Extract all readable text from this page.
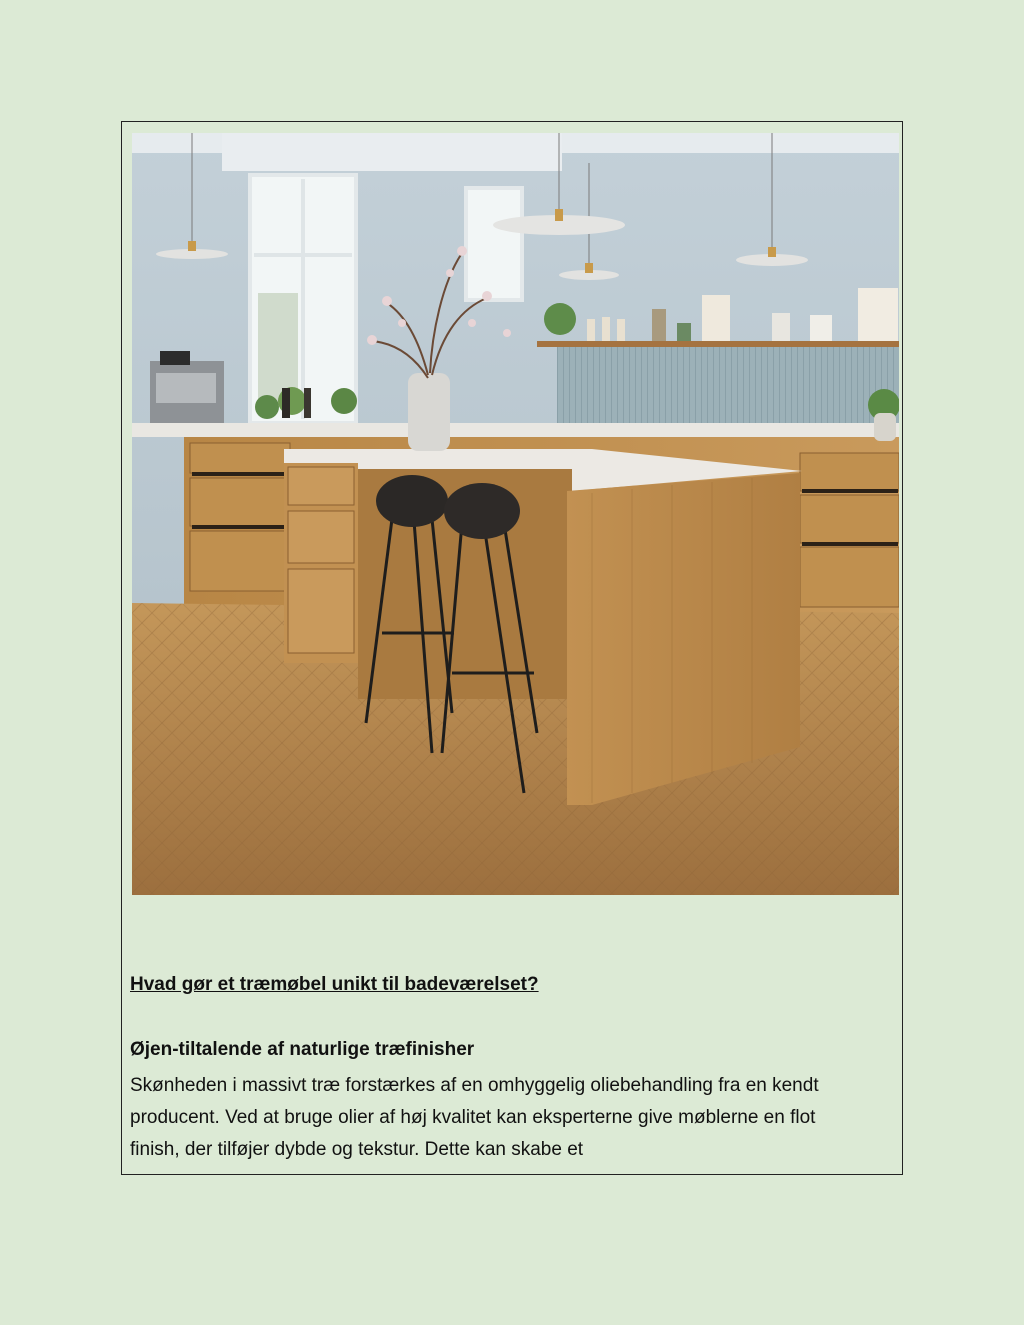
Hvad gør et træmøbel unikt til badeværelset?

Øjen-tiltalende af naturlige træfinisher

Skønheden i massivt træ forstærkes af en omhyggelig oliebehandling fra en kendt producent. Ved at bruge olier af høj kvalitet kan eksperterne give møblerne en flot finish, der tilføjer dybde og tekstur. Dette kan skabe et
